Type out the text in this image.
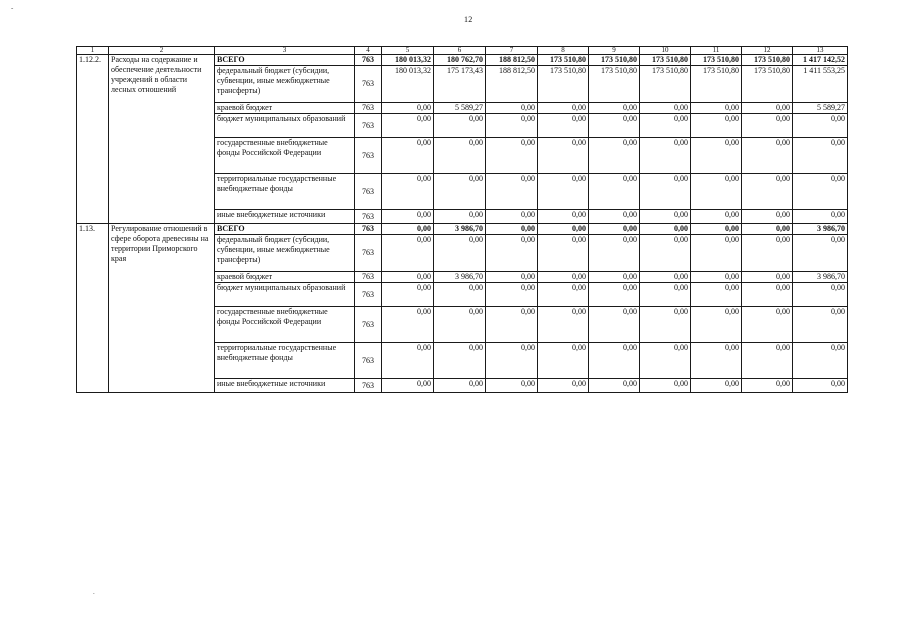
-
12
1	2	3	4	5	6	7	8	9	10	11	12	13
1.12.2.	Расходы на содержание и обеспечение деятельности учреждений в области лесных отношений	ВСЕГО	763	180 013,32	180 762,70	188 812,50	173 510,80	173 510,80	173 510,80	173 510,80	173 510,80	1 417 142,52
		федеральный бюджет (субсидии, субвенции, иные межбюджетные трансферты)	763	180 013,32	175 173,43	188 812,50	173 510,80	173 510,80	173 510,80	173 510,80	173 510,80	1 411 553,25
		краевой бюджет	763	0,00	5 589,27	0,00	0,00	0,00	0,00	0,00	0,00	5 589,27
		бюджет муниципальных образований	763	0,00	0,00	0,00	0,00	0,00	0,00	0,00	0,00	0,00
		государственные внебюджетные фонды Российской Федерации	763	0,00	0,00	0,00	0,00	0,00	0,00	0,00	0,00	0,00
		территориальные государственные внебюджетные фонды	763	0,00	0,00	0,00	0,00	0,00	0,00	0,00	0,00	0,00
		иные внебюджетные источники	763	0,00	0,00	0,00	0,00	0,00	0,00	0,00	0,00	0,00
1.13.	Регулирование отношений в сфере оборота древесины на территории Приморского края	ВСЕГО	763	0,00	3 986,70	0,00	0,00	0,00	0,00	0,00	0,00	3 986,70
		федеральный бюджет (субсидии, субвенции, иные межбюджетные трансферты)	763	0,00	0,00	0,00	0,00	0,00	0,00	0,00	0,00	0,00
		краевой бюджет	763	0,00	3 986,70	0,00	0,00	0,00	0,00	0,00	0,00	3 986,70
		бюджет муниципальных образований	763	0,00	0,00	0,00	0,00	0,00	0,00	0,00	0,00	0,00
		государственные внебюджетные фонды Российской Федерации	763	0,00	0,00	0,00	0,00	0,00	0,00	0,00	0,00	0,00
		территориальные государственные внебюджетные фонды	763	0,00	0,00	0,00	0,00	0,00	0,00	0,00	0,00	0,00
		иные внебюджетные источники	763	0,00	0,00	0,00	0,00	0,00	0,00	0,00	0,00	0,00
.
